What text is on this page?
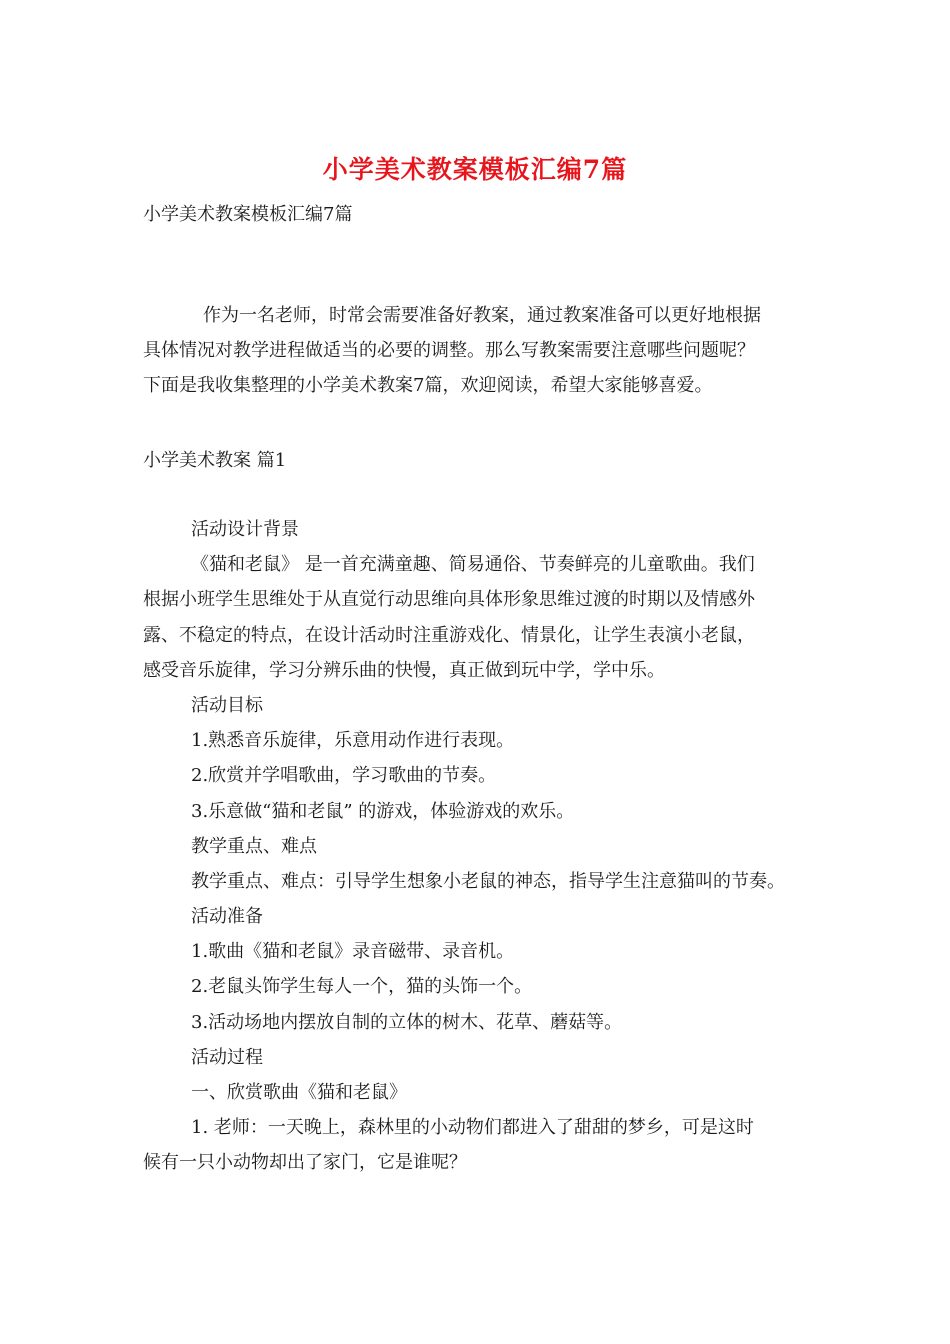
小学美术教案模板汇编7篇
小学美术教案模板汇编7篇
作为一名老师，时常会需要准备好教案，通过教案准备可以更好地根据
具体情况对教学进程做适当的必要的调整。那么写教案需要注意哪些问题呢？
下面是我收集整理的小学美术教案7篇，欢迎阅读，希望大家能够喜爱。
小学美术教案 篇1
活动设计背景
《猫和老鼠》 是一首充满童趣、简易通俗、节奏鲜亮的儿童歌曲。我们
根据小班学生思维处于从直觉行动思维向具体形象思维过渡的时期以及情感外
露、不稳定的特点，在设计活动时注重游戏化、情景化，让学生表演小老鼠，
感受音乐旋律，学习分辨乐曲的快慢，真正做到玩中学，学中乐。
活动目标
1.熟悉音乐旋律，乐意用动作进行表现。
2.欣赏并学唱歌曲，学习歌曲的节奏。
3.乐意做“猫和老鼠” 的游戏，体验游戏的欢乐。
教学重点、难点
教学重点、难点：引导学生想象小老鼠的神态，指导学生注意猫叫的节奏。
活动准备
1.歌曲《猫和老鼠》录音磁带、录音机。
2.老鼠头饰学生每人一个，猫的头饰一个。
3.活动场地内摆放自制的立体的树木、花草、蘑菇等。
活动过程
一、欣赏歌曲《猫和老鼠》
1. 老师：一天晚上，森林里的小动物们都进入了甜甜的梦乡，可是这时
候有一只小动物却出了家门，它是谁呢？
